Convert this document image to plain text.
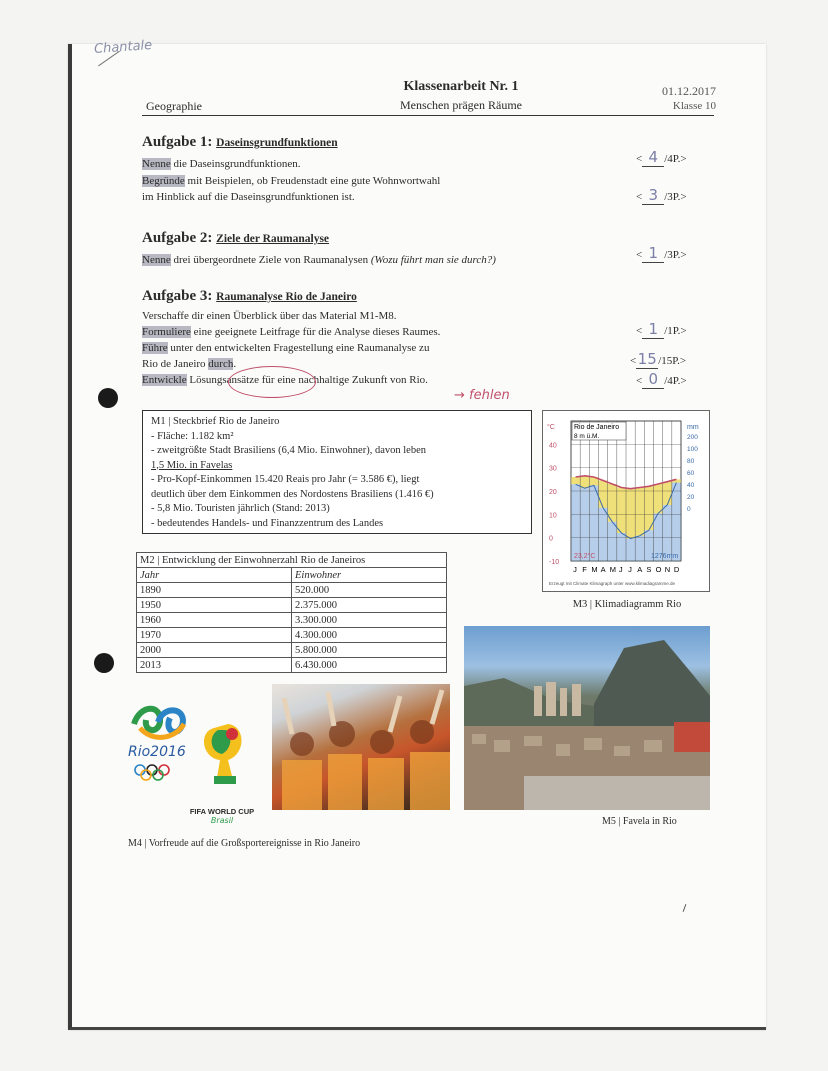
Chantale
Geographie
Klassenarbeit Nr. 1
Menschen prägen Räume
01.12.2017
Klasse 10
Aufgabe 1: Daseinsgrundfunktionen
Nenne die Daseinsgrundfunktionen.
Begründe mit Beispielen, ob Freudenstadt eine gute Wohnwortwahl
im Hinblick auf die Daseinsgrundfunktionen ist.
< 4 /4P.>
< 3 /3P.>
Aufgabe 2: Ziele der Raumanalyse
Nenne drei übergeordnete Ziele von Raumanalysen (Wozu führt man sie durch?)	< 1 /3P.>
Aufgabe 3: Raumanalyse Rio de Janeiro
Verschaffe dir einen Überblick über das Material M1-M8.
Formuliere eine geeignete Leitfrage für die Analyse dieses Raumes.
Führe unter den entwickelten Fragestellung eine Raumanalyse zu
Rio de Janeiro durch.
Entwickle Lösungsansätze für eine nachhaltige Zukunft von Rio.
→ fehlen
< 1 /1P.>
<15/15P.>
< 0 /4P.>
M1 | Steckbrief Rio de Janeiro
- Fläche: 1.182 km²
- zweitgrößte Stadt Brasiliens (6,4 Mio. Einwohner), davon leben
1,5 Mio. in Favelas
- Pro-Kopf-Einkommen 15.420 Reais pro Jahr (= 3.586 €), liegt
deutlich über dem Einkommen des Nordostens Brasiliens (1.416 €)
- 5,8 Mio. Touristen jährlich (Stand: 2013)
- bedeutendes Handels- und Finanzzentrum des Landes
M2 | Entwicklung der Einwohnerzahl Rio de Janeiros	
Jahr	Einwohner
1890	520.000
1950	2.375.000
1960	3.300.000
1970	4.300.000
2000	5.800.000
2013	6.430.000
Rio de Janeiro
8 m ü.M.
°C	mm
40
30
20
10
0
-10
200
100
80
60
40
20
0
23,2°C	1276mm
J F M A M J J A S O N D
Erzeugt mit Climate Klimagraph unter www.klimadiagramme.de
M3 | Klimadiagramm Rio
Rio2016
FIFA WORLD CUP
Brasil
M4 | Vorfreude auf die Großsportereignisse in Rio Janeiro
M5 | Favela in Rio
